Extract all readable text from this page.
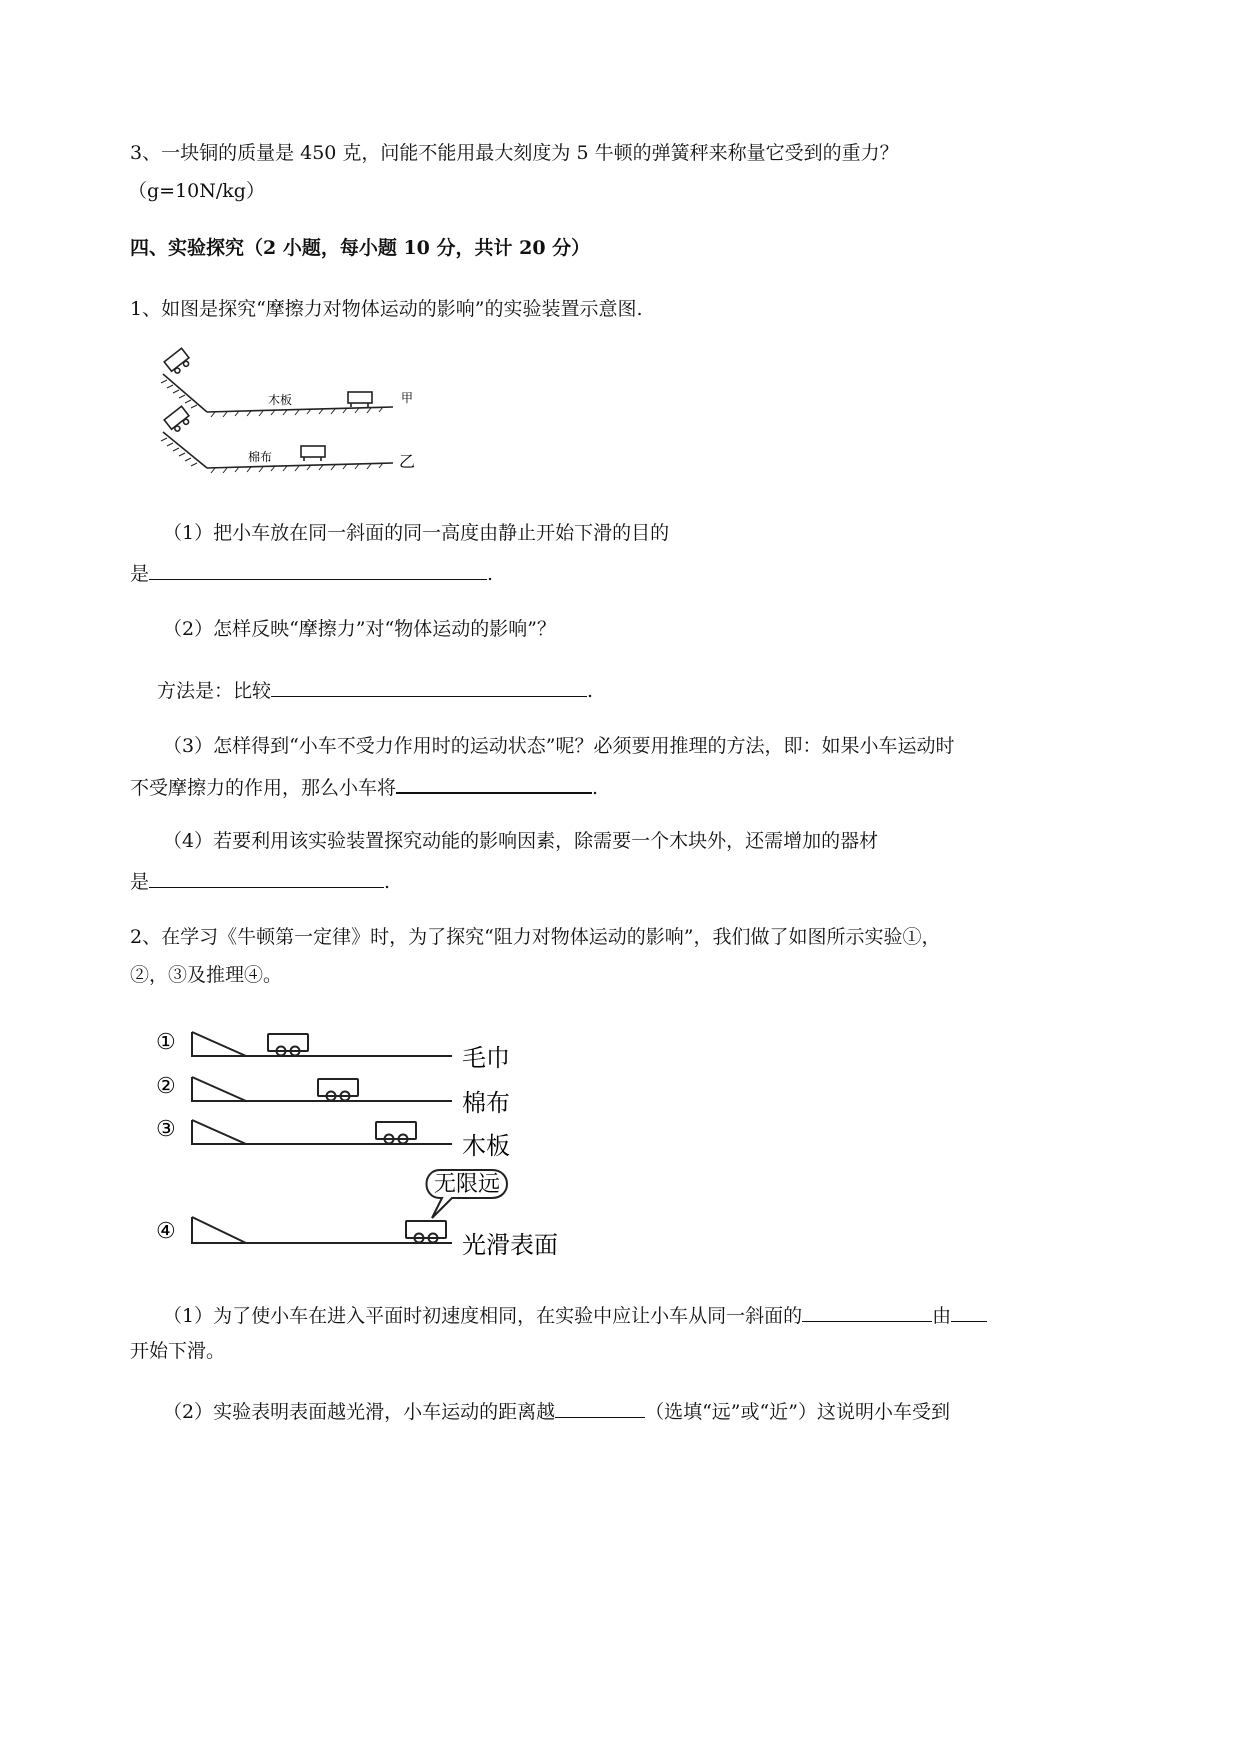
3、一块铜的质量是 450 克，问能不能用最大刻度为 5 牛顿的弹簧秤来称量它受到的重力？
（g=10N/kg）
四、实验探究（2 小题，每小题 10 分，共计 20 分）
1、如图是探究“摩擦力对物体运动的影响”的实验装置示意图.
木板	甲
棉布	乙
（1）把小车放在同一斜面的同一高度由静止开始下滑的目的
是	.
（2）怎样反映“摩擦力”对“物体运动的影响”？
方法是：比较	.
（3）怎样得到“小车不受力作用时的运动状态”呢？必须要用推理的方法，即：如果小车运动时
不受摩擦力的作用，那么小车将	.
（4）若要利用该实验装置探究动能的影响因素，除需要一个木块外，还需增加的器材
是	.
2、在学习《牛顿第一定律》时，为了探究“阻力对物体运动的影响”，我们做了如图所示实验①，
②，③及推理④。
①
②
③
④
毛巾
棉布
木板
无限远
光滑表面
（1）为了使小车在进入平面时初速度相同，在实验中应让小车从同一斜面的	由
开始下滑。
（2）实验表明表面越光滑，小车运动的距离越	（选填“远”或“近”）这说明小车受到
